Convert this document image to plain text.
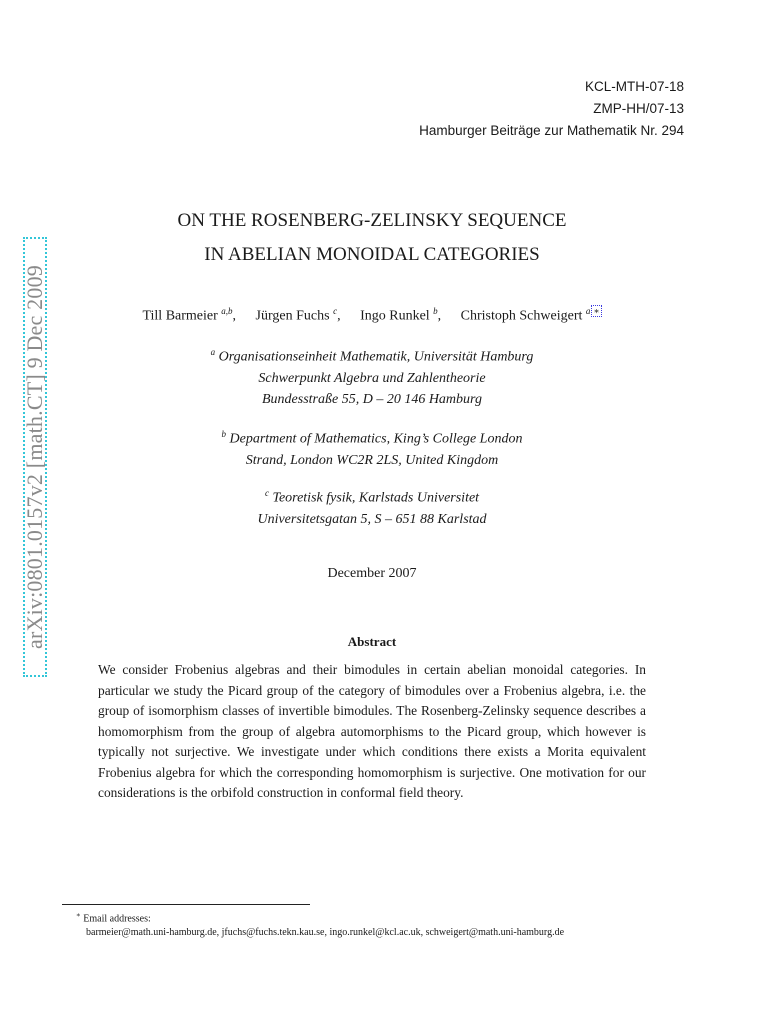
KCL-MTH-07-18
ZMP-HH/07-13
Hamburger Beiträge zur Mathematik Nr. 294
arXiv:0801.0157v2 [math.CT] 9 Dec 2009
ON THE ROSENBERG-ZELINSKY SEQUENCE
IN ABELIAN MONOIDAL CATEGORIES
Till Barmeier $^{a,b}$, Jürgen Fuchs $^c$, Ingo Runkel $^b$, Christoph Schweigert $^a$ ∗
$^a$ Organisationseinheit Mathematik, Universität Hamburg
Schwerpunkt Algebra und Zahlentheorie
Bundesstraße 55, D – 20 146 Hamburg
$^b$ Department of Mathematics, King’s College London
Strand, London WC2R 2LS, United Kingdom
$^c$ Teoretisk fysik, Karlstads Universitet
Universitetsgatan 5, S – 651 88 Karlstad
December 2007
Abstract
We consider Frobenius algebras and their bimodules in certain abelian monoidal categories. In particular we study the Picard group of the category of bimodules over a Frobenius algebra, i.e. the group of isomorphism classes of invertible bimodules. The Rosenberg-Zelinsky sequence describes a homomorphism from the group of algebra automorphisms to the Picard group, which however is typically not surjective. We investigate under which conditions there exists a Morita equivalent Frobenius algebra for which the corresponding homomorphism is surjective. One motivation for our considerations is the orbifold construction in conformal field theory.
∗ Email addresses:
barmeier@math.uni-hamburg.de, jfuchs@fuchs.tekn.kau.se, ingo.runkel@kcl.ac.uk, schweigert@math.uni-hamburg.de
